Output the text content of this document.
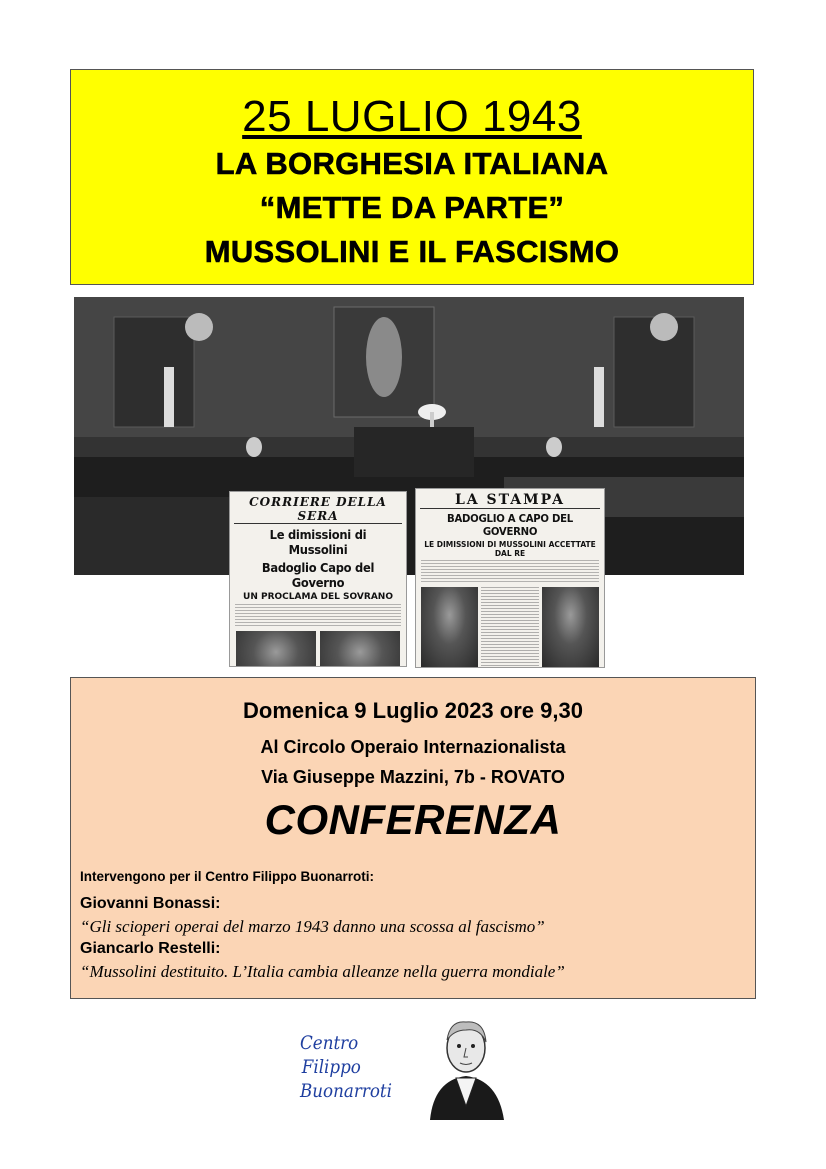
25 LUGLIO 1943
LA BORGHESIA ITALIANA
“METTE DA PARTE”
MUSSOLINI E IL FASCISMO
CORRIERE DELLA SERA
Le dimissioni di Mussolini
Badoglio Capo del Governo
UN PROCLAMA DEL SOVRANO
LA STAMPA
BADOGLIO A CAPO DEL GOVERNO
LE DIMISSIONI DI MUSSOLINI ACCETTATE DAL RE
Domenica 9 Luglio 2023 ore 9,30
Al Circolo Operaio Internazionalista
Via Giuseppe Mazzini, 7b - ROVATO
CONFERENZA
Intervengono per il Centro Filippo Buonarroti:
Giovanni Bonassi:
“Gli scioperi operai del marzo 1943 danno una scossa al fascismo”
Giancarlo Restelli:
“Mussolini destituito. L’Italia cambia alleanze nella guerra mondiale”
Centro
Filippo
Buonarroti
